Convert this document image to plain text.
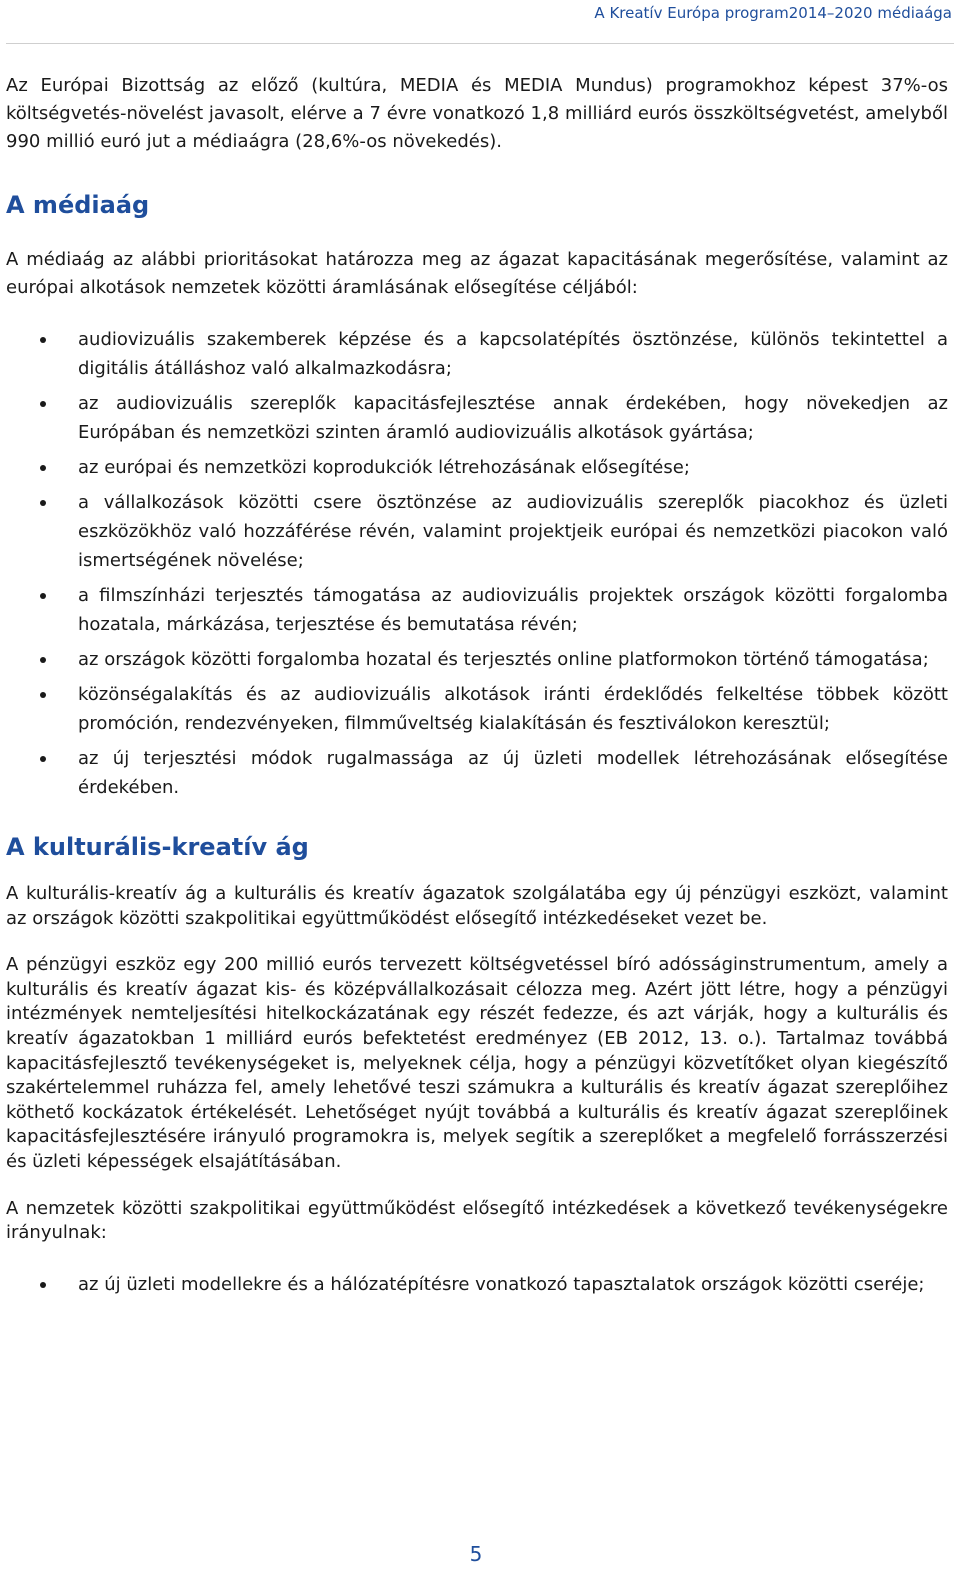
A Kreatív Európa program2014–2020 médiaága

Az Európai Bizottság az előző (kultúra, MEDIA és MEDIA Mundus) programokhoz képest 37%-os költségvetés-növelést javasolt, elérve a 7 évre vonatkozó 1,8 milliárd eurós összköltségvetést, amelyből 990 millió euró jut a médiaágra (28,6%-os növekedés).

A médiaág

A médiaág az alábbi prioritásokat határozza meg az ágazat kapacitásának megerősítése, valamint az európai alkotások nemzetek közötti áramlásának elősegítése céljából:

audiovizuális szakemberek képzése és a kapcsolatépítés ösztönzése, különös tekintettel a digitális átálláshoz való alkalmazkodásra;
az audiovizuális szereplők kapacitásfejlesztése annak érdekében, hogy növekedjen az Európában és nemzetközi szinten áramló audiovizuális alkotások gyártása;
az európai és nemzetközi koprodukciók létrehozásának elősegítése;
a vállalkozások közötti csere ösztönzése az audiovizuális szereplők piacokhoz és üzleti eszközökhöz való hozzáférése révén, valamint projektjeik európai és nemzetközi piacokon való ismertségének növelése;
a filmszínházi terjesztés támogatása az audiovizuális projektek országok közötti forgalomba hozatala, márkázása, terjesztése és bemutatása révén;
az országok közötti forgalomba hozatal és terjesztés online platformokon történő támogatása;
közönségalakítás és az audiovizuális alkotások iránti érdeklődés felkeltése többek között promóción, rendezvényeken, filmműveltség kialakításán és fesztiválokon keresztül;
az új terjesztési módok rugalmassága az új üzleti modellek létrehozásának elősegítése érdekében.
A kulturális-kreatív ág

A kulturális-kreatív ág a kulturális és kreatív ágazatok szolgálatába egy új pénzügyi eszközt, valamint az országok közötti szakpolitikai együttműködést elősegítő intézkedéseket vezet be.

A pénzügyi eszköz egy 200 millió eurós tervezett költségvetéssel bíró adósságinstrumentum, amely a kulturális és kreatív ágazat kis- és középvállalkozásait célozza meg. Azért jött létre, hogy a pénzügyi intézmények nemteljesítési hitelkockázatának egy részét fedezze, és azt várják, hogy a kulturális és kreatív ágazatokban 1 milliárd eurós befektetést eredményez (EB 2012, 13. o.). Tartalmaz továbbá kapacitásfejlesztő tevékenységeket is, melyeknek célja, hogy a pénzügyi közvetítőket olyan kiegészítő szakértelemmel ruházza fel, amely lehetővé teszi számukra a kulturális és kreatív ágazat szereplőihez köthető kockázatok értékelését. Lehetőséget nyújt továbbá a kulturális és kreatív ágazat szereplőinek kapacitásfejlesztésére irányuló programokra is, melyek segítik a szereplőket a megfelelő forrásszerzési és üzleti képességek elsajátításában.

A nemzetek közötti szakpolitikai együttműködést elősegítő intézkedések a következő tevékenységekre irányulnak:

az új üzleti modellekre és a hálózatépítésre vonatkozó tapasztalatok országok közötti cseréje;
5
